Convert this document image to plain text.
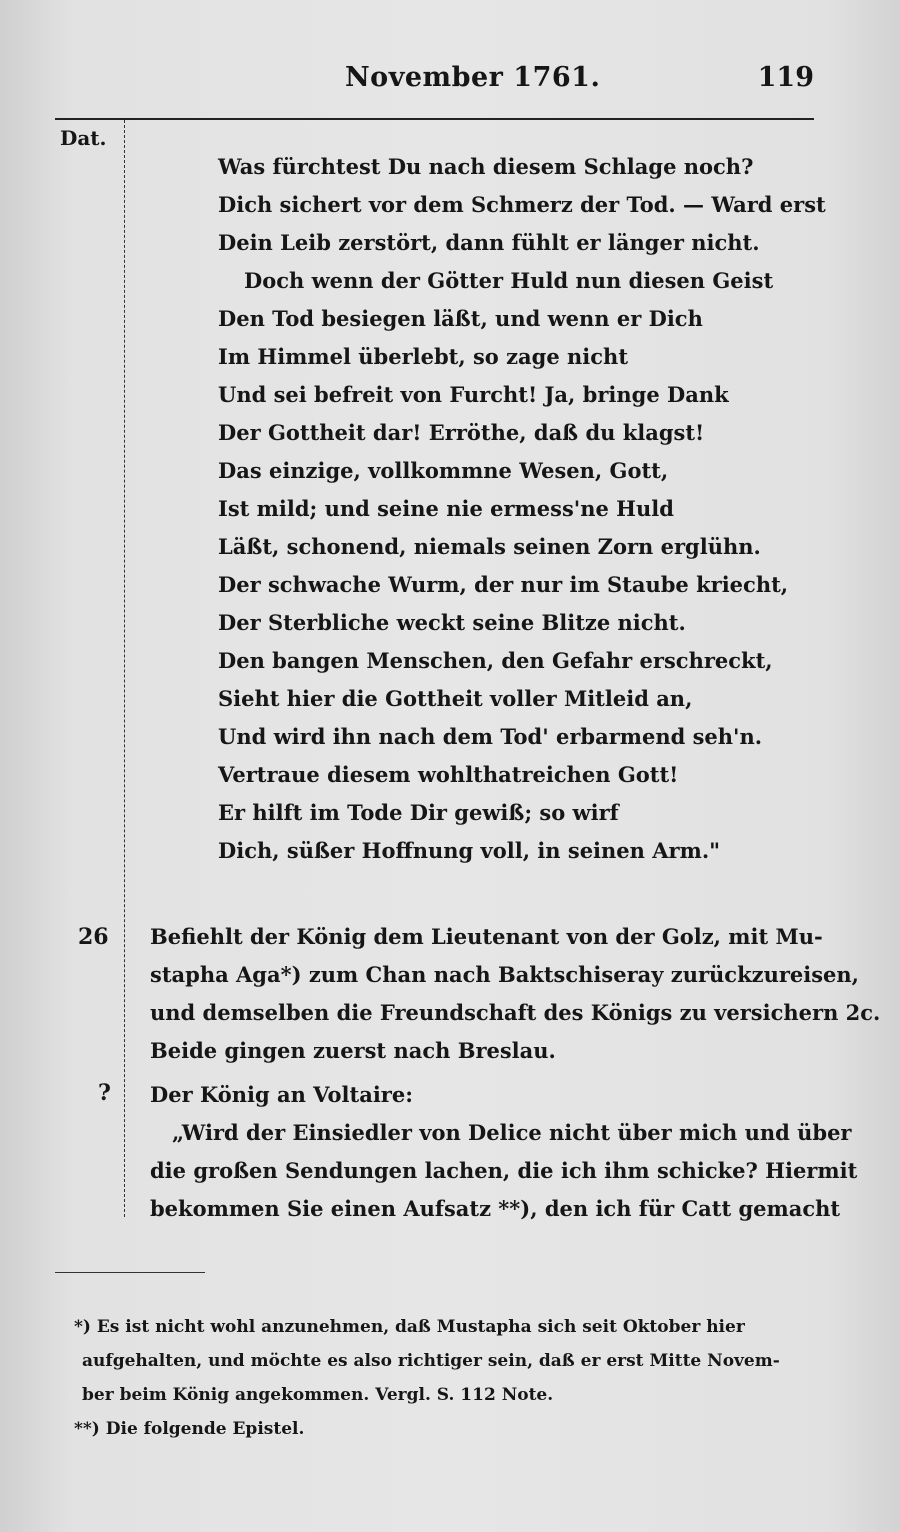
November 1761.	119
Dat.
Was fürchtest Du nach diesem Schlage noch?
Dich sichert vor dem Schmerz der Tod. — Ward erst
Dein Leib zerstört, dann fühlt er länger nicht.
Doch wenn der Götter Huld nun diesen Geist
Den Tod besiegen läßt, und wenn er Dich
Im Himmel überlebt, so zage nicht
Und sei befreit von Furcht! Ja, bringe Dank
Der Gottheit dar! Erröthe, daß du klagst!
Das einzige, vollkommne Wesen, Gott,
Ist mild; und seine nie ermess'ne Huld
Läßt, schonend, niemals seinen Zorn erglühn.
Der schwache Wurm, der nur im Staube kriecht,
Der Sterbliche weckt seine Blitze nicht.
Den bangen Menschen, den Gefahr erschreckt,
Sieht hier die Gottheit voller Mitleid an,
Und wird ihn nach dem Tod' erbarmend seh'n.
Vertraue diesem wohlthatreichen Gott!
Er hilft im Tode Dir gewiß; so wirf
Dich, süßer Hoffnung voll, in seinen Arm."
26 Befiehlt der König dem Lieutenant von der Golz, mit Mu-
stapha Aga*) zum Chan nach Baktschiseray zurückzureisen,
und demselben die Freundschaft des Königs zu versichern 2c.
Beide gingen zuerst nach Breslau.
? Der König an Voltaire:
„Wird der Einsiedler von Delice nicht über mich und über
die großen Sendungen lachen, die ich ihm schicke? Hiermit
bekommen Sie einen Aufsatz **), den ich für Catt gemacht
*) Es ist nicht wohl anzunehmen, daß Mustapha sich seit Oktober hier
aufgehalten, und möchte es also richtiger sein, daß er erst Mitte Novem-
ber beim König angekommen. Vergl. S. 112 Note.
**) Die folgende Epistel.
